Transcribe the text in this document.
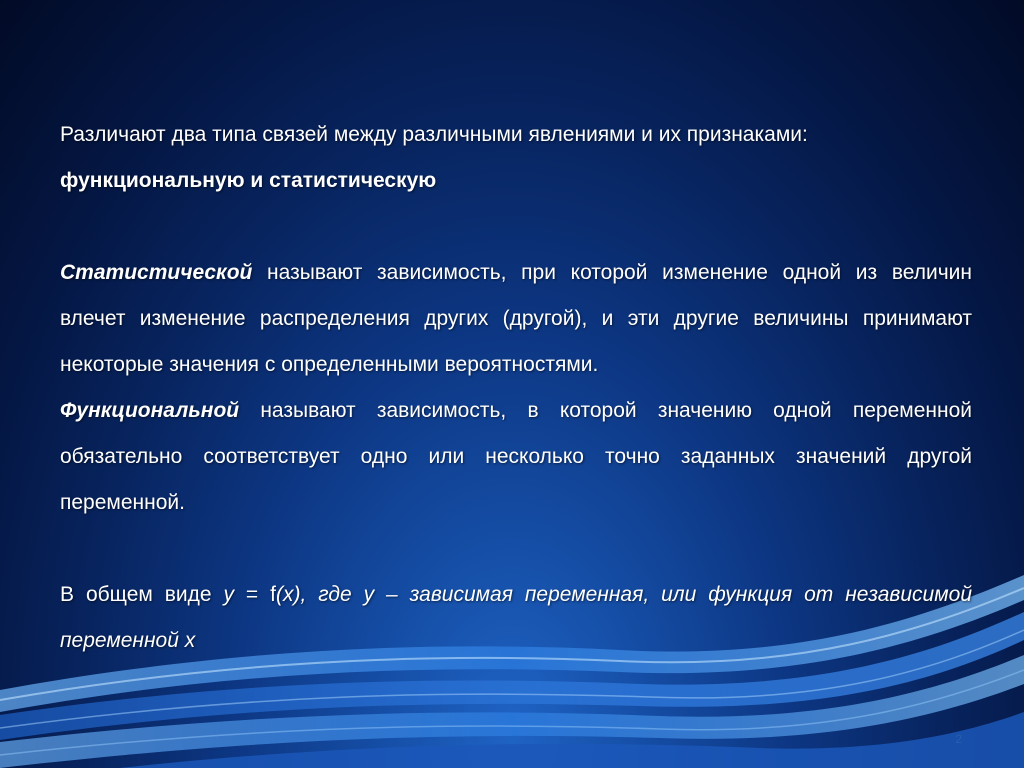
Различают два типа связей между различными явлениями и их признаками:

функциональную и статистическую

Статистической называют зависимость, при которой изменение одной из величин влечет изменение распределения других (другой), и эти другие величины принимают некоторые значения с определенными вероятностями.

Функциональной называют зависимость, в которой значению одной переменной обязательно соответствует одно или несколько точно заданных значений другой переменной.

В общем виде y = f(x), где y – зависимая переменная, или функция от независимой переменной х

2
